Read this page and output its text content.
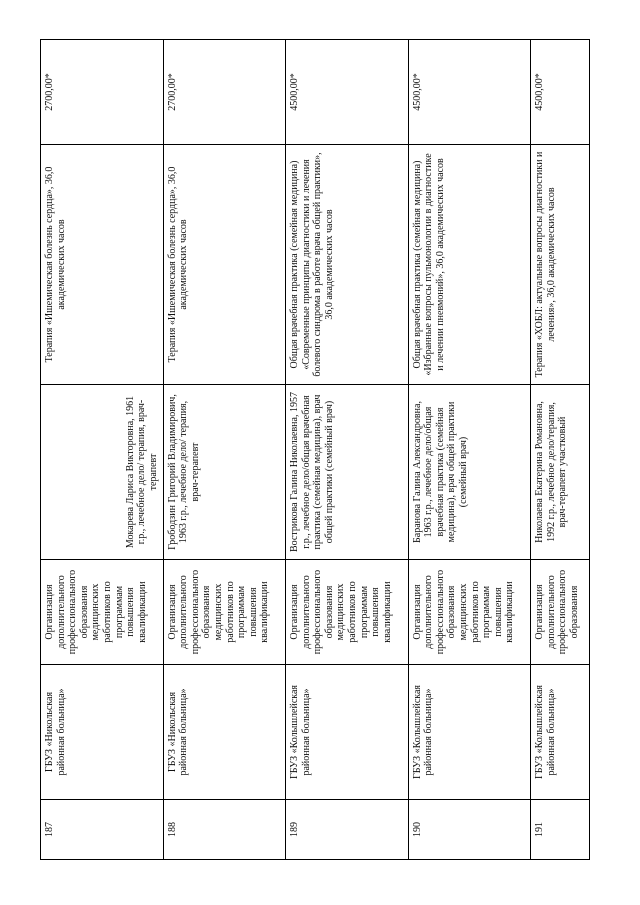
187	ГБУЗ «Никольская районная больница»	Организация дополнительного профессионального образования медицинских работников по программам повышения квалификации	Мокарева Лариса Викторовна, 1961 г.р., лечебное дело/ терапия, врач-терапевт	Терапия «Ишемическая болезнь сердца», 36,0 академических часов	2700,00*
188	ГБУЗ «Никольская районная больница»	Организация дополнительного профессионального образования медицинских работников по программам повышения квалификации	Грободзин Григорий Владимирович, 1963 г.р., лечебное дело/ терапия, врач-терапевт	Терапия «Ишемическая болезнь сердца», 36,0 академических часов	2700,00*
189	ГБУЗ «Колышлейская районная больница»	Организация дополнительного профессионального образования медицинских работников по программам повышения квалификации	Вострикова Галина Николаевна, 1957 г.р., лечебное дело/общая врачебная практика (семейная медицина), врач общей практики (семейный врач)	Общая врачебная практика (семейная медицина) «Современные принципы диагностики и лечения болевого синдрома в работе врача общей практики», 36,0 академических часов	4500,00*
190	ГБУЗ «Колышлейская районная больница»	Организация дополнительного профессионального образования медицинских работников по программам повышения квалификации	Баранова Галина Александровна, 1963 г.р., лечебное дело/общая врачебная практика (семейная медицина), врач общей практики (семейный врач)	Общая врачебная практика (семейная медицина) «Избранные вопросы пульмонологии в диагностике и лечении пневмоний», 36,0 академических часов	4500,00*
191	ГБУЗ «Колышлейская районная больница»	Организация дополнительного профессионального образования	Николаева Екатерина Романовна, 1992 г.р., лечебное дело/терапия, врач-терапевт участковый	Терапия «ХОБЛ: актуальные вопросы диагностики и лечения», 36,0 академических часов	4500,00*
